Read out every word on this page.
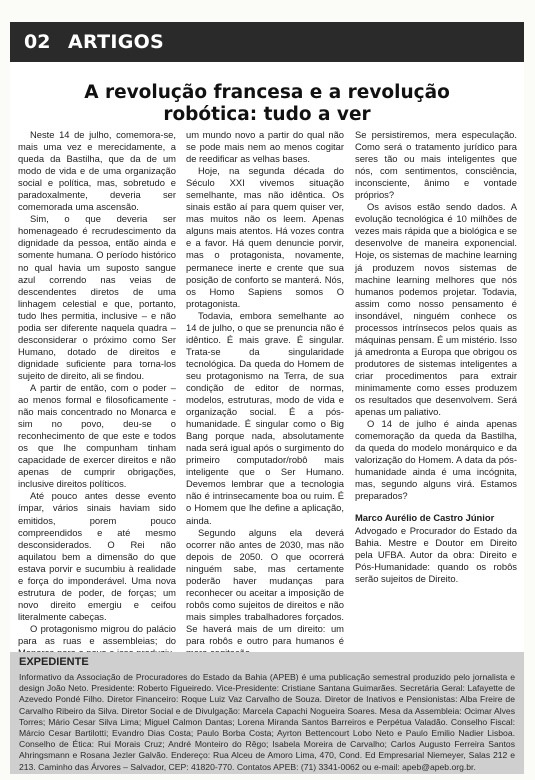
02 ARTIGOS
A revolução francesa e a revolução
robótica: tudo a ver

Neste 14 de julho, comemora-se, mais uma vez e merecidamente, a queda da Bastilha, que da de um modo de vida e de uma organização social e política, mas, sobretudo e paradoxalmente, deveria ser comemorada uma ascensão.

Sim, o que deveria ser homenageado é recrudescimento da dignidade da pessoa, então ainda e somente humana. O período histórico no qual havia um suposto sangue azul correndo nas veias de descendentes diretos de uma linhagem celestial e que, portanto, tudo lhes permitia, inclusive – e não podia ser diferente naquela quadra – desconsiderar o próximo como Ser Humano, dotado de direitos e dignidade suficiente para torna-los sujeito de direito, ali se findou.

A partir de então, com o poder – ao menos formal e filosoficamente - não mais concentrado no Monarca e sim no povo, deu-se o reconhecimento de que este e todos os que lhe compunham tinham capacidade de exercer direitos e não apenas de cumprir obrigações, inclusive direitos políticos.

Até pouco antes desse evento ímpar, vários sinais haviam sido emitidos, porem pouco compreendidos e até mesmo desconsiderados. O Rei não aquilatou bem a dimensão do que estava porvir e sucumbiu à realidade e força do imponderável. Uma nova estrutura de poder, de forças; um novo direito emergiu e ceifou literalmente cabeças.

O protagonismo migrou do palácio para as ruas e assembleias; do

um mundo novo a partir do qual não se pode mais nem ao menos cogitar de reedificar as velhas bases.

Hoje, na segunda década do Século XXI vivemos situação semelhante, mas não idêntica. Os sinais estão aí para quem quiser ver, mas muitos não os leem. Apenas alguns mais atentos. Há vozes contra e a favor. Há quem denuncie porvir, mas o protagonista, novamente, permanece inerte e crente que sua posição de conforto se manterá. Nós, os Homo Sapiens somos O protagonista.

Todavia, embora semelhante ao 14 de julho, o que se prenuncia não é idêntico. É mais grave. É singular. Trata-se da singularidade tecnológica. Da queda do Homem de seu protagonismo na Terra, de sua condição de editor de normas, modelos, estruturas, modo de vida e organização social. É a pós-humanidade. É singular como o Big Bang porque nada, absolutamente nada será igual após o surgimento do primeiro computador/robô mais inteligente que o Ser Humano. Devemos lembrar que a tecnologia não é intrinsecamente boa ou ruim. É o Homem que lhe define a aplicação, ainda.

Segundo alguns ela deverá ocorrer não antes de 2030, mas não depois de 2050. O que ocorrerá ninguém sabe, mas certamente poderão haver mudanças para reconhecer ou aceitar a imposição de robôs como sujeitos de direitos e não mais simples trabalhadores forçados. Se haverá mais de um direito: um para robôs e outro para humanos é

Se persistiremos, mera especulação. Como será o tratamento jurídico para seres tão ou mais inteligentes que nós, com sentimentos, consciência, inconsciente, ânimo e vontade próprios?

Os avisos estão sendo dados. A evolução tecnológica é 10 milhões de vezes mais rápida que a biológica e se desenvolve de maneira exponencial. Hoje, os sistemas de machine learning já produzem novos sistemas de machine learning melhores que nós humanos podemos projetar. Todavia, assim como nosso pensamento é insondável, ninguém conhece os processos intrínsecos pelos quais as máquinas pensam. É um mistério. Isso já amedronta a Europa que obrigou os produtores de sistemas inteligentes a criar procedimentos para extrair minimamente como esses produzem os resultados que desenvolvem. Será apenas um paliativo.

O 14 de julho é ainda apenas comemoração da queda da Bastilha, da queda do modelo monárquico e da valorização do Homem. A data da pós-humanidade ainda é uma incógnita, mas, segundo alguns virá. Estamos preparados?

Marco Aurélio de Castro Júnior

Advogado e Procurador do Estado da Bahia. Mestre e Doutor em Direito pela UFBA. Autor da obra: Direito e Pós-Humanidade: quando os robôs serão sujeitos de Direito.

EXPEDIENTE
Informativo da Associação de Procuradores do Estado da Bahia (APEB) é uma publicação semestral produzido pelo jornalista e design João Neto. Presidente: Roberto Figueiredo. Vice-Presidente: Cristiane Santana Guimarães. Secretária Geral: Lafayette de Azevedo Pondé Filho. Diretor Financeiro: Roque Luiz Vaz Carvalho de Souza. Diretor de Inativos e Pensionistas: Alba Freire de Carvalho Ribeiro da Silva. Diretor Social e de Divulgação: Marcela Capachi Nogueira Soares. Mesa da Assembleia: Ocimar Alves Torres; Mário Cesar Silva Lima; Miguel Calmon Dantas; Lorena Miranda Santos Barreiros e Perpétua Valadão. Conselho Fiscal: Márcio Cesar Bartilotti; Evandro Dias Costa; Paulo Borba Costa; Ayrton Bettencourt Lobo Neto e Paulo Emilio Nadier Lisboa. Conselho de Ética: Rui Morais Cruz; André Monteiro do Rêgo; Isabela Moreira de Carvalho; Carlos Augusto Ferreira Santos Ahringsmann e Rosana Jezler Galvão. Endereço: Rua Alceu de Amoro Lima, 470, Cond. Ed Empresarial Niemeyer, Salas 212 e 213. Caminho das Árvores – Salvador, CEP: 41820-770. Contatos APEB: (71) 3341-0062 ou e-mail: apeb@apeb.org.br.
